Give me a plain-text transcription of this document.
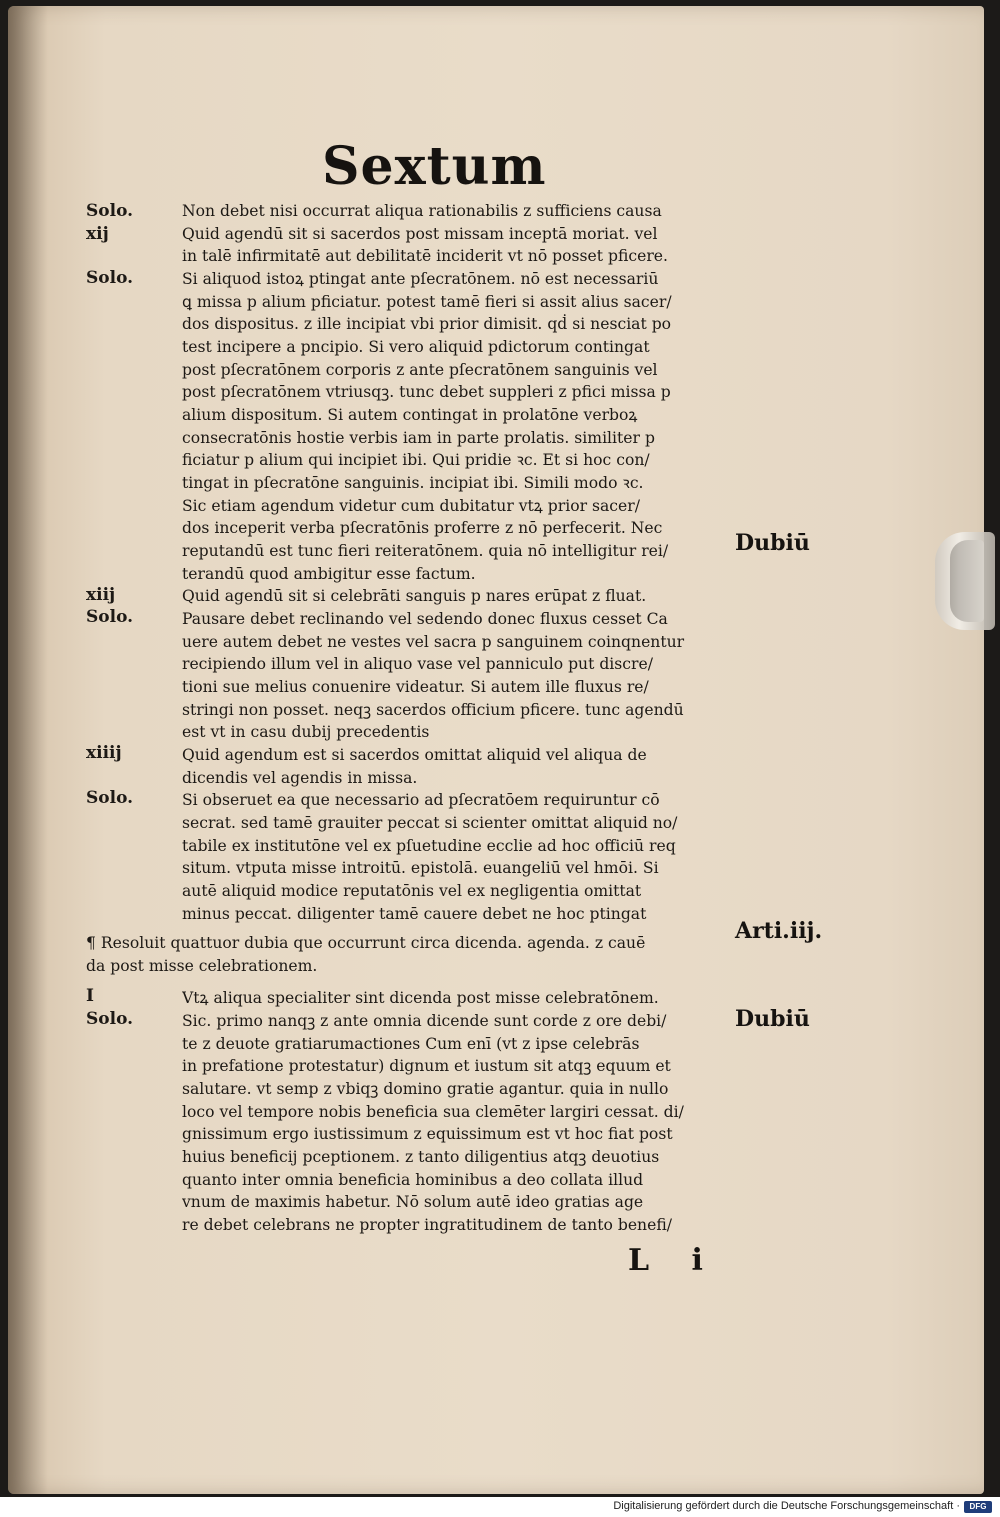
Sextum
Solo.
xij
Solo.
xiij
Solo.
xiiij
Solo.
I
Solo.
Dubiū
Arti.iij.
Dubiū
Non debet nisi occurrat aliqua rationabilis z sufficiens causa
Quid agendū sit si sacerdos post missam inceptā moriat. vel
in talē infirmitatē aut debilitatē inciderit vt nō posset pficere.
Si aliquod istoꝝ ptingat ante pſecratōnem. nō est necessariū
ꝗ missa p alium pficiatur. potest tamē fieri si assit alius sacer/
dos dispositus. z ille incipiat vbi prior dimisit. qḋ si nesciat po
test incipere a pncipio. Si vero aliquid pdictorum contingat
post pſecratōnem corporis z ante pſecratōnem sanguinis vel
post pſecratōnem vtriusqꝫ. tunc debet suppleri z pfici missa p
alium dispositum. Si autem contingat in prolatōne verboꝝ
consecratōnis hostie verbis iam in parte prolatis. similiter p
ficiatur p alium qui incipiet ibi. Qui pridie ꝛc. Et si hoc con/
tingat in pſecratōne sanguinis. incipiat ibi. Simili modo ꝛc.
Sic etiam agendum videtur cum dubitatur vtꝝ prior sacer/
dos inceperit verba pſecratōnis proferre z nō perfecerit. Nec
reputandū est tunc fieri reiteratōnem. quia nō intelligitur rei/
terandū quod ambigitur esse factum.
Quid agendū sit si celebrāti sanguis p nares erūpat z fluat.
Pausare debet reclinando vel sedendo donec fluxus cesset Ca
uere autem debet ne vestes vel sacra p sanguinem coinqnentur
recipiendo illum vel in aliquo vase vel panniculo put discre/
tioni sue melius conuenire videatur. Si autem ille fluxus re/
stringi non posset. neqꝫ sacerdos officium pficere. tunc agendū
est vt in casu dubij precedentis
Quid agendum est si sacerdos omittat aliquid vel aliqua de
dicendis vel agendis in missa.
Si obseruet ea que necessario ad pſecratōem requiruntur cō
secrat. sed tamē grauiter peccat si scienter omittat aliquid no/
tabile ex institutōne vel ex pſuetudine ecclie ad hoc officiū req
situm. vtputa misse introitū. epistolā. euangeliū vel hmōi. Si
autē aliquid modice reputatōnis vel ex negligentia omittat
minus peccat. diligenter tamē cauere debet ne hoc ptingat
¶ Resoluit quattuor dubia que occurrunt circa dicenda. agenda. z cauē
da post misse celebrationem.
Vtꝝ aliqua specialiter sint dicenda post misse celebratōnem.
Sic. primo nanqꝫ z ante omnia dicende sunt corde z ore debi/
te z deuote gratiarumactiones Cum enī (vt z ipse celebrās
in prefatione protestatur) dignum et iustum sit atqꝫ equum et
salutare. vt semp z vbiqꝫ domino gratie agantur. quia in nullo
loco vel tempore nobis beneficia sua clemēter largiri cessat. di/
gnissimum ergo iustissimum z equissimum est vt hoc fiat post
huius beneficij pceptionem. z tanto diligentius atqꝫ deuotius
quanto inter omnia beneficia hominibus a deo collata illud
vnum de maximis habetur. Nō solum autē ideo gratias age
re debet celebrans ne propter ingratitudinem de tanto benefi/
L i
Digitalisierung gefördert durch die Deutsche Forschungsgemeinschaft ·	DFG
